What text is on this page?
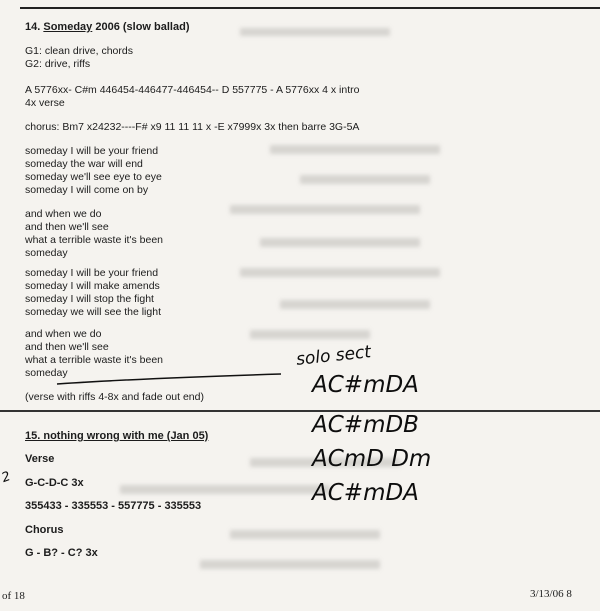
14. Someday 2006 (slow ballad)
G1: clean drive, chords
G2: drive, riffs
A 5776xx- C#m 446454-446477-446454-- D 557775 - A 5776xx 4 x intro
4x verse
chorus: Bm7 x24232----F# x9 11 11 11 x -E x7999x 3x then barre 3G-5A
someday I will be your friend
someday the war will end
someday we'll see eye to eye
someday I will come on by
and when we do
and then we'll see
what a terrible waste it's been
someday
someday I will be your friend
someday I will make amends
someday I will stop the fight
someday we will see the light
and when we do
and then we'll see
what a terrible waste it's been
someday
(verse with riffs 4-8x and fade out end)
15. nothing wrong with me (Jan 05)
Verse
G-C-D-C 3x
355433 - 335553 - 557775 - 335553
Chorus
G - B? - C? 3x
solo sect
AC#mDA
AC#mDB
ACmD Dm
AC#mDA
2
of 18	3/13/06 8
